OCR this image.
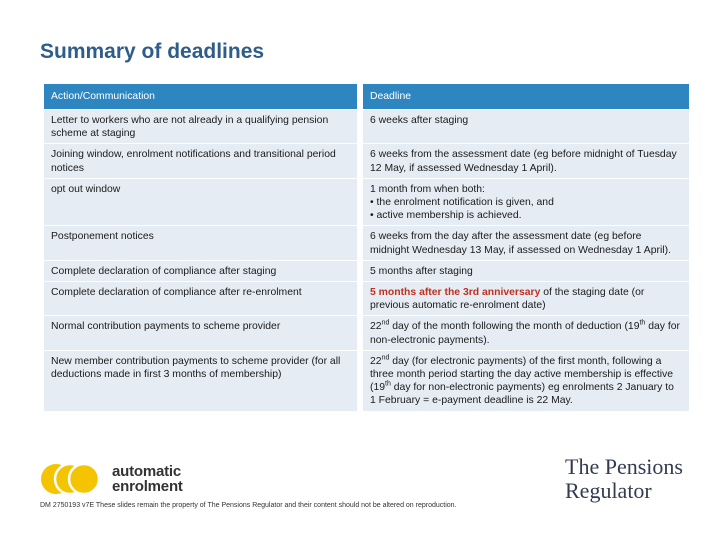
Summary of deadlines
Action/Communication	Deadline
Letter to workers who are not already in a qualifying pension scheme at staging	6 weeks after staging
Joining window, enrolment notifications and transitional period notices	6 weeks from the assessment date (eg before midnight of Tuesday 12 May, if assessed Wednesday 1 April).
opt out window	1 month from when both:
• the enrolment notification is given, and
• active membership is achieved.

Postponement notices	6 weeks from the day after the assessment date (eg before midnight Wednesday 13 May, if assessed on Wednesday 1 April).
Complete declaration of compliance after staging	5 months after staging
Complete declaration of compliance after re-enrolment	5 months after the 3rd anniversary of the staging date (or previous automatic re-enrolment date)
Normal contribution payments to scheme provider	22nd day of the month following the month of deduction (19th day for non-electronic payments).
New member contribution payments to scheme provider (for all deductions made in first 3 months of membership)	22nd day (for electronic payments) of the first month, following a three month period starting the day active membership is effective (19th day for non-electronic payments) eg enrolments 2 January to 1 February = e-payment deadline is 22 May.
automatic
enrolment
The Pensions
Regulator
DM 2750193 v7E These slides remain the property of The Pensions Regulator and their content should not be altered on reproduction.
